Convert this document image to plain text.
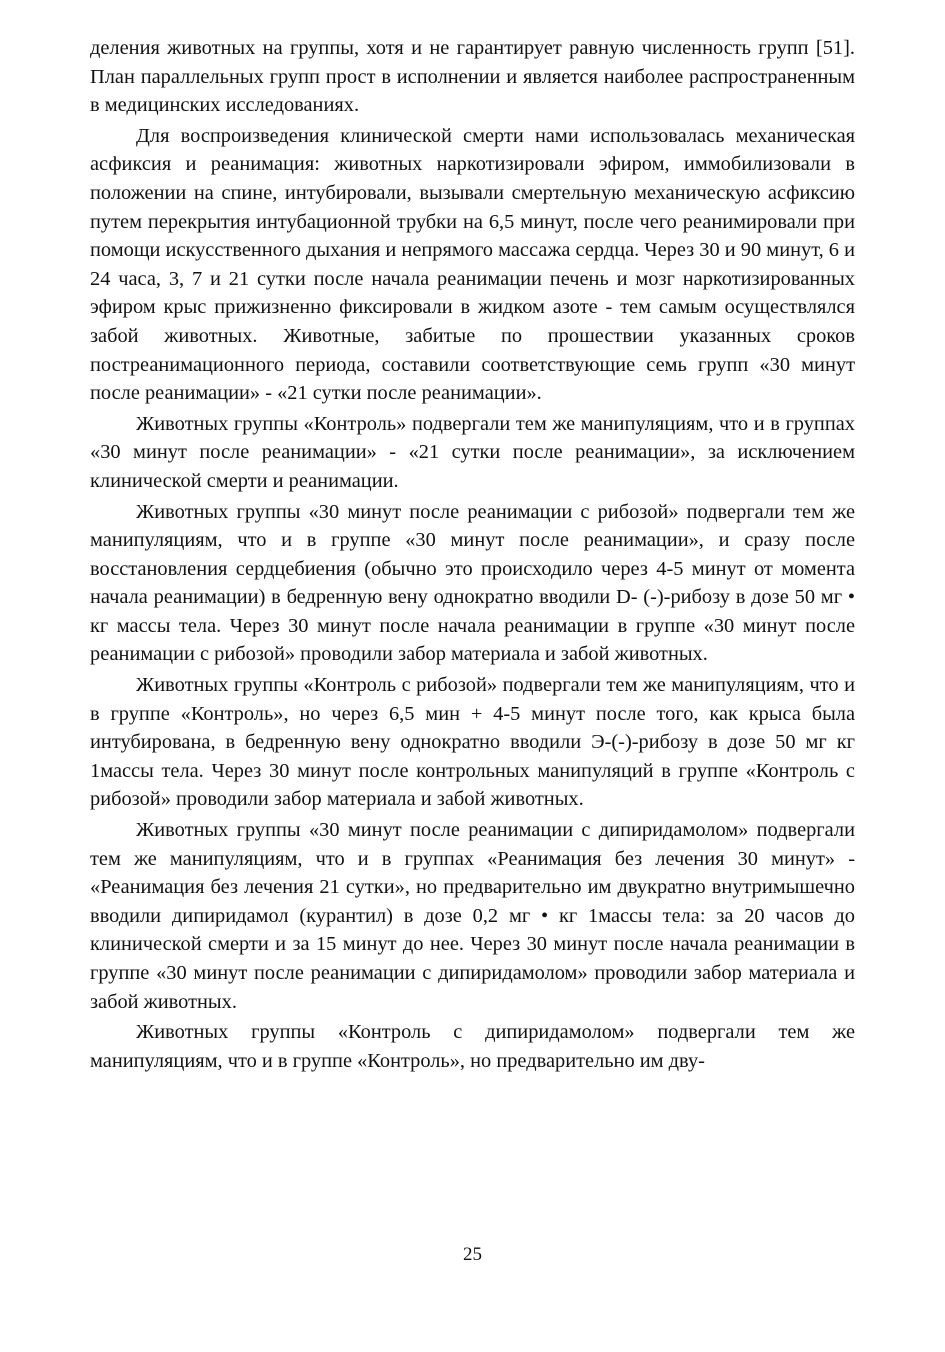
деления животных на группы, хотя и не гарантирует равную численность групп [51]. План параллельных групп прост в исполнении и является наиболее распространенным в медицинских исследованиях.

Для воспроизведения клинической смерти нами использовалась механическая асфиксия и реанимация: животных наркотизировали эфиром, иммобилизовали в положении на спине, интубировали, вызывали смертельную механическую асфиксию путем перекрытия интубационной трубки на 6,5 минут, после чего реанимировали при помощи искусственного дыхания и непрямого массажа сердца. Через 30 и 90 минут, 6 и 24 часа, 3, 7 и 21 сутки после начала реанимации печень и мозг наркотизированных эфиром крыс прижизненно фиксировали в жидком азоте - тем самым осуществлялся забой животных. Животные, забитые по прошествии указанных сроков постреанимационного периода, составили соответствующие семь групп «30 минут после реанимации» - «21 сутки после реанимации».

Животных группы «Контроль» подвергали тем же манипуляциям, что и в группах «30 минут после реанимации» - «21 сутки после реанимации», за исключением клинической смерти и реанимации.

Животных группы «30 минут после реанимации с рибозой» подвергали тем же манипуляциям, что и в группе «30 минут после реанимации», и сразу после восстановления сердцебиения (обычно это происходило через 4-5 минут от момента начала реанимации) в бедренную вену однократно вводили D- (-)-рибозу в дозе 50 мг • кг массы тела. Через 30 минут после начала реанимации в группе «30 минут после реанимации с рибозой» проводили забор материала и забой животных.

Животных группы «Контроль с рибозой» подвергали тем же манипуляциям, что и в группе «Контроль», но через 6,5 мин + 4-5 минут после того, как крыса была интубирована, в бедренную вену однократно вводили Э-(-)-рибозу в дозе 50 мг кг 1массы тела. Через 30 минут после контрольных манипуляций в группе «Контроль с рибозой» проводили забор материала и забой животных.

Животных группы «30 минут после реанимации с дипиридамолом» подвергали тем же манипуляциям, что и в группах «Реанимация без лечения 30 минут» - «Реанимация без лечения 21 сутки», но предварительно им двукратно внутримышечно вводили дипиридамол (курантил) в дозе 0,2 мг • кг 1массы тела: за 20 часов до клинической смерти и за 15 минут до нее. Через 30 минут после начала реанимации в группе «30 минут после реанимации с дипиридамолом» проводили забор материала и забой животных.

Животных группы «Контроль с дипиридамолом» подвергали тем же манипуляциям, что и в группе «Контроль», но предварительно им дву-

25
